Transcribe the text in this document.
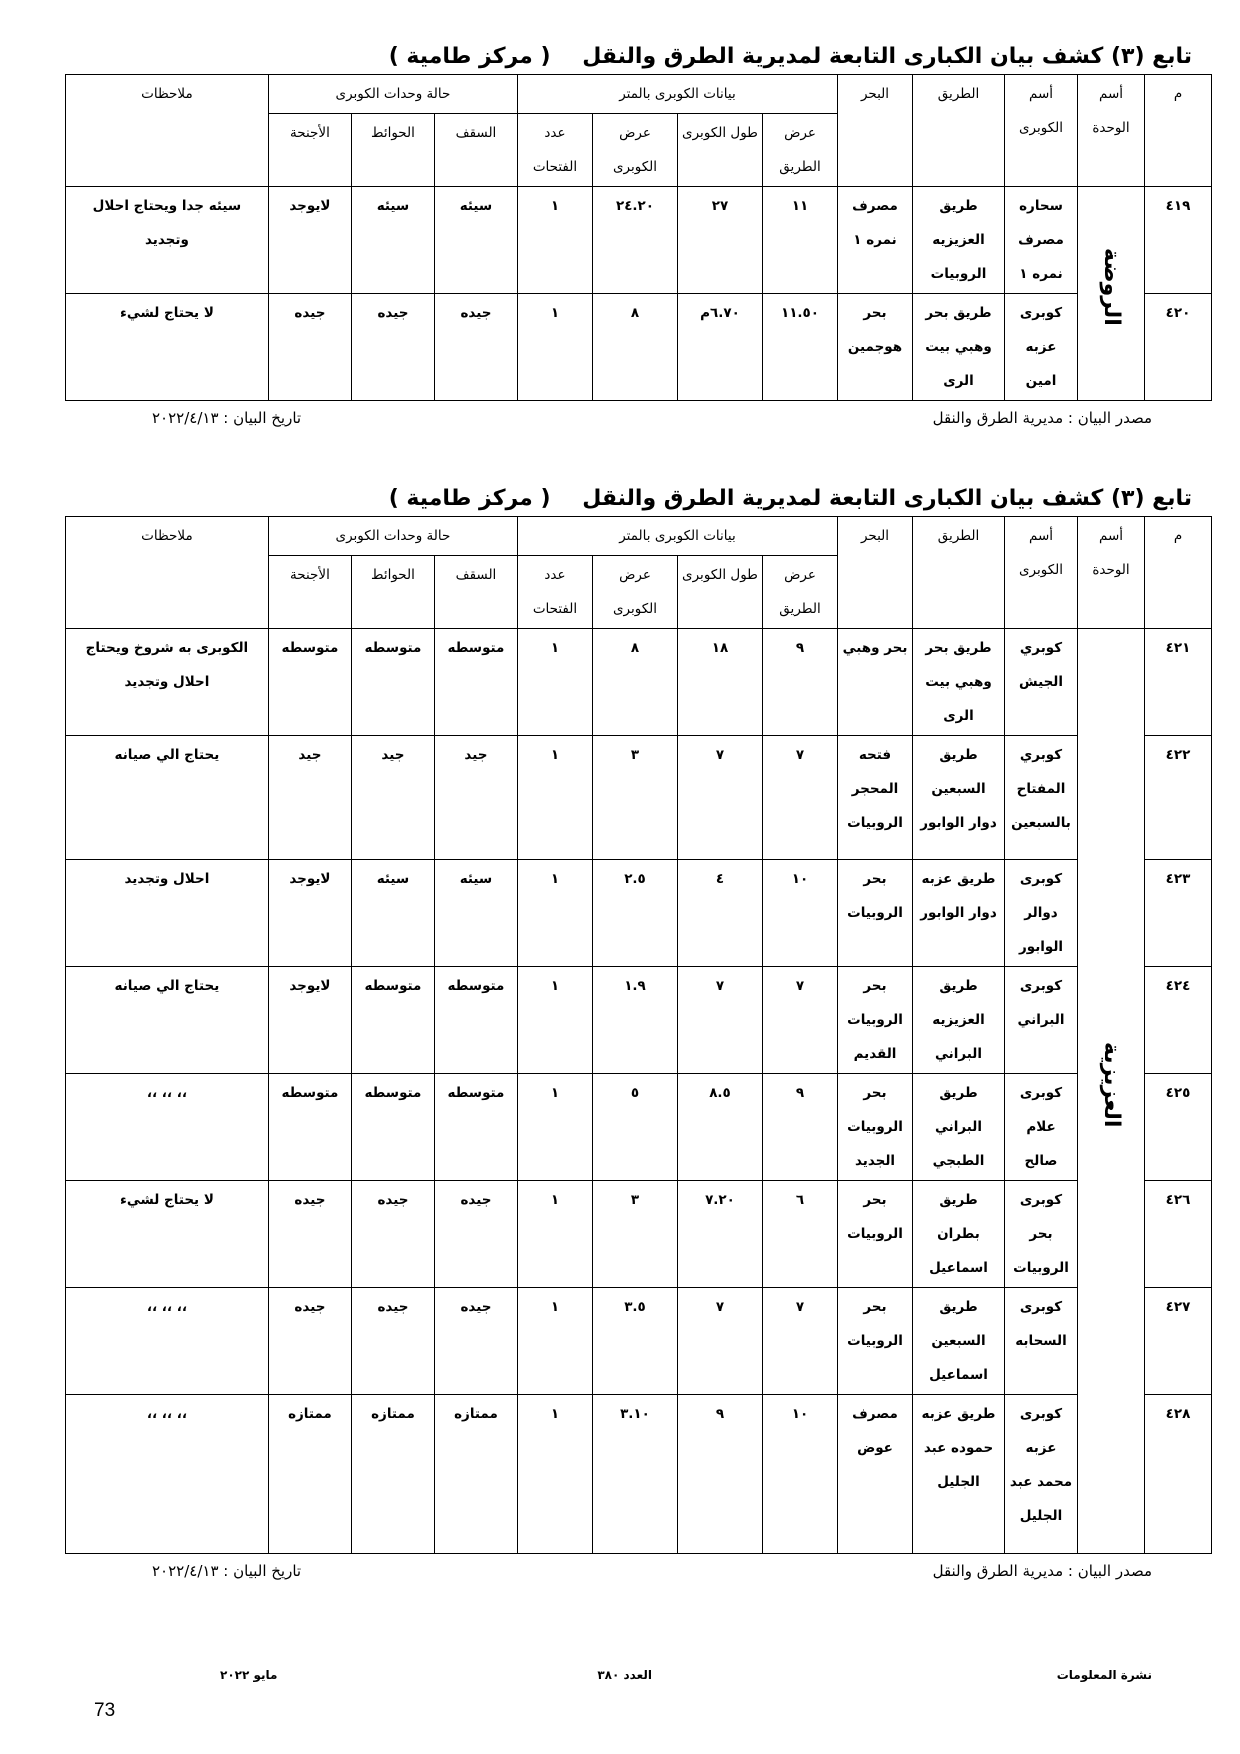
تابع (٣) كشف بيان الكبارى التابعة لمديرية الطرق والنقل ( مركز طامية )
م	أسم الوحدة	أسم الكوبرى	الطريق	البحر	بيانات الكوبرى بالمتر				حالة وحدات الكوبرى			ملاحظات
					عرض الطريق	طول الكوبرى	عرض الكوبرى	عدد الفتحات	السقف	الحوائط	الأجنحة	
٤١٩	الروضة	سحاره مصرف نمره ١	طريق العزيزيه الروبيات	مصرف نمره ١	١١	٢٧	٢٤.٢٠	١	سيئه	سيئه	لايوجد	سيئه جدا ويحتاج احلال وتجديد
٤٢٠		كوبرى عزبه امين	طريق بحر وهبي بيت الرى	بحر هوجمين	١١.٥٠	٦.٧٠م	٨	١	جيده	جيده	جيده	لا يحتاج لشيء
مصدر البيان : مديرية الطرق والنقل
تاريخ البيان : ٢٠٢٢/٤/١٣
تابع (٣) كشف بيان الكبارى التابعة لمديرية الطرق والنقل ( مركز طامية )
م	أسم الوحدة	أسم الكوبرى	الطريق	البحر	بيانات الكوبرى بالمتر				حالة وحدات الكوبرى			ملاحظات
					عرض الطريق	طول الكوبرى	عرض الكوبرى	عدد الفتحات	السقف	الحوائط	الأجنحة	
٤٢١	العزيزية	كوبري الجيش	طريق بحر وهبي بيت الرى	بحر وهبي	٩	١٨	٨	١	متوسطه	متوسطه	متوسطه	الكوبرى به شروخ ويحتاج احلال وتجديد
٤٢٢		كوبري المفتاح بالسبعين	طريق السبعين دوار الوابور	فتحه المحجر الروبيات	٧	٧	٣	١	جيد	جيد	جيد	يحتاج الي صيانه
٤٢٣		كوبرى دوالر الوابور	طريق عزبه دوار الوابور	بحر الروبيات	١٠	٤	٢.٥	١	سيئه	سيئه	لايوجد	احلال وتجديد
٤٢٤		كوبرى البراني	طريق العزيزيه البراني	بحر الروبيات القديم	٧	٧	١.٩	١	متوسطه	متوسطه	لايوجد	يحتاج الي صيانه
٤٢٥		كوبرى علام صالح	طريق البراني الطبجي	بحر الروبيات الجديد	٩	٨.٥	٥	١	متوسطه	متوسطه	متوسطه	،، ،، ،،
٤٢٦		كوبرى بحر الروبيات	طريق بطران اسماعيل	بحر الروبيات	٦	٧.٢٠	٣	١	جيده	جيده	جيده	لا يحتاج لشيء
٤٢٧		كوبرى السحابه	طريق السبعين اسماعيل	بحر الروبيات	٧	٧	٣.٥	١	جيده	جيده	جيده	،، ،، ،،
٤٢٨		كوبرى عزبه محمد عبد الجليل	طريق عزبه حموده عبد الجليل	مصرف عوض	١٠	٩	٣.١٠	١	ممتازه	ممتازه	ممتازه	،، ،، ،،
مصدر البيان : مديرية الطرق والنقل
تاريخ البيان : ٢٠٢٢/٤/١٣
نشرة المعلومات
العدد ٣٨٠
مايو ٢٠٢٢
73
